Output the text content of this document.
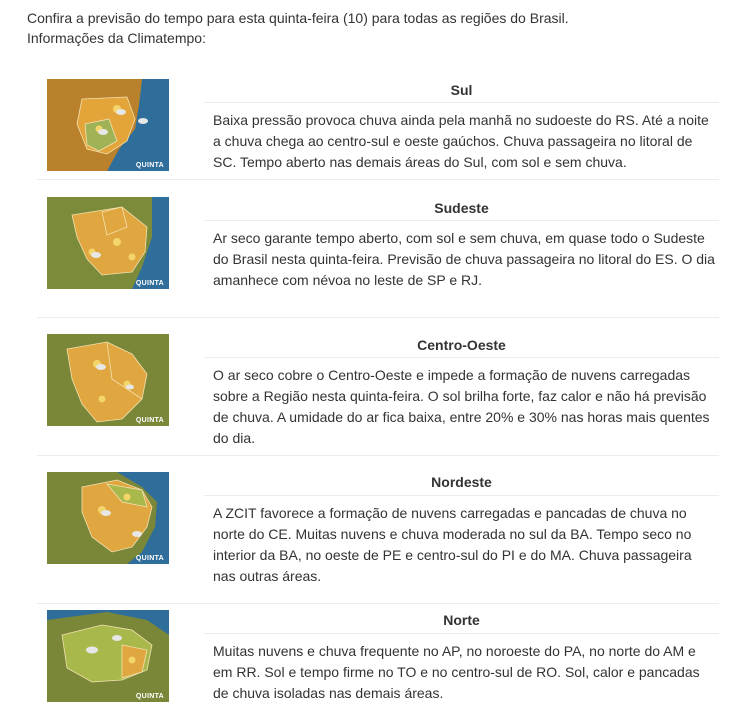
Confira a previsão do tempo para esta quinta-feira (10) para todas as regiões do Brasil.
Informações da Climatempo:
QUINTA
Sul
Baixa pressão provoca chuva ainda pela manhã no sudoeste do RS. Até a noite a chuva chega ao centro-sul e oeste gaúchos. Chuva passageira no litoral de SC. Tempo aberto nas demais áreas do Sul, com sol e sem chuva.
QUINTA
Sudeste
Ar seco garante tempo aberto, com sol e sem chuva, em quase todo o Sudeste do Brasil nesta quinta-feira. Previsão de chuva passageira no litoral do ES. O dia amanhece com névoa no leste de SP e RJ.
QUINTA
Centro-Oeste
O ar seco cobre o Centro-Oeste e impede a formação de nuvens carregadas sobre a Região nesta quinta-feira. O sol brilha forte, faz calor e não há previsão de chuva. A umidade do ar fica baixa, entre 20% e 30% nas horas mais quentes do dia.
QUINTA
Nordeste
A ZCIT favorece a formação de nuvens carregadas e pancadas de chuva no norte do CE. Muitas nuvens e chuva moderada no sul da BA. Tempo seco no interior da BA, no oeste de PE e centro-sul do PI e do MA. Chuva passageira nas outras áreas.
QUINTA
Norte
Muitas nuvens e chuva frequente no AP, no noroeste do PA, no norte do AM e em RR. Sol e tempo firme no TO e no centro-sul de RO. Sol, calor e pancadas de chuva isoladas nas demais áreas.
